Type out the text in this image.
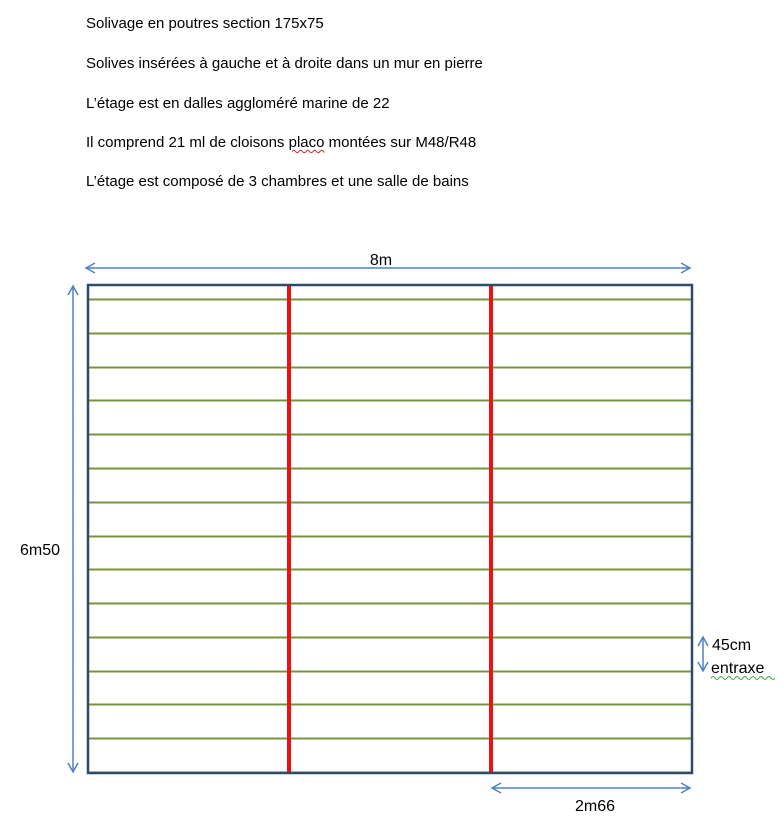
Solivage en poutres section 175x75
Solives insérées à gauche et à droite dans un mur en pierre
L’étage est en dalles aggloméré marine de 22
Il comprend 21 ml de cloisons placo montées sur M48/R48
L’étage est composé de 3 chambres et une salle de bains
8m
6m50
45cm
entraxe
2m66
